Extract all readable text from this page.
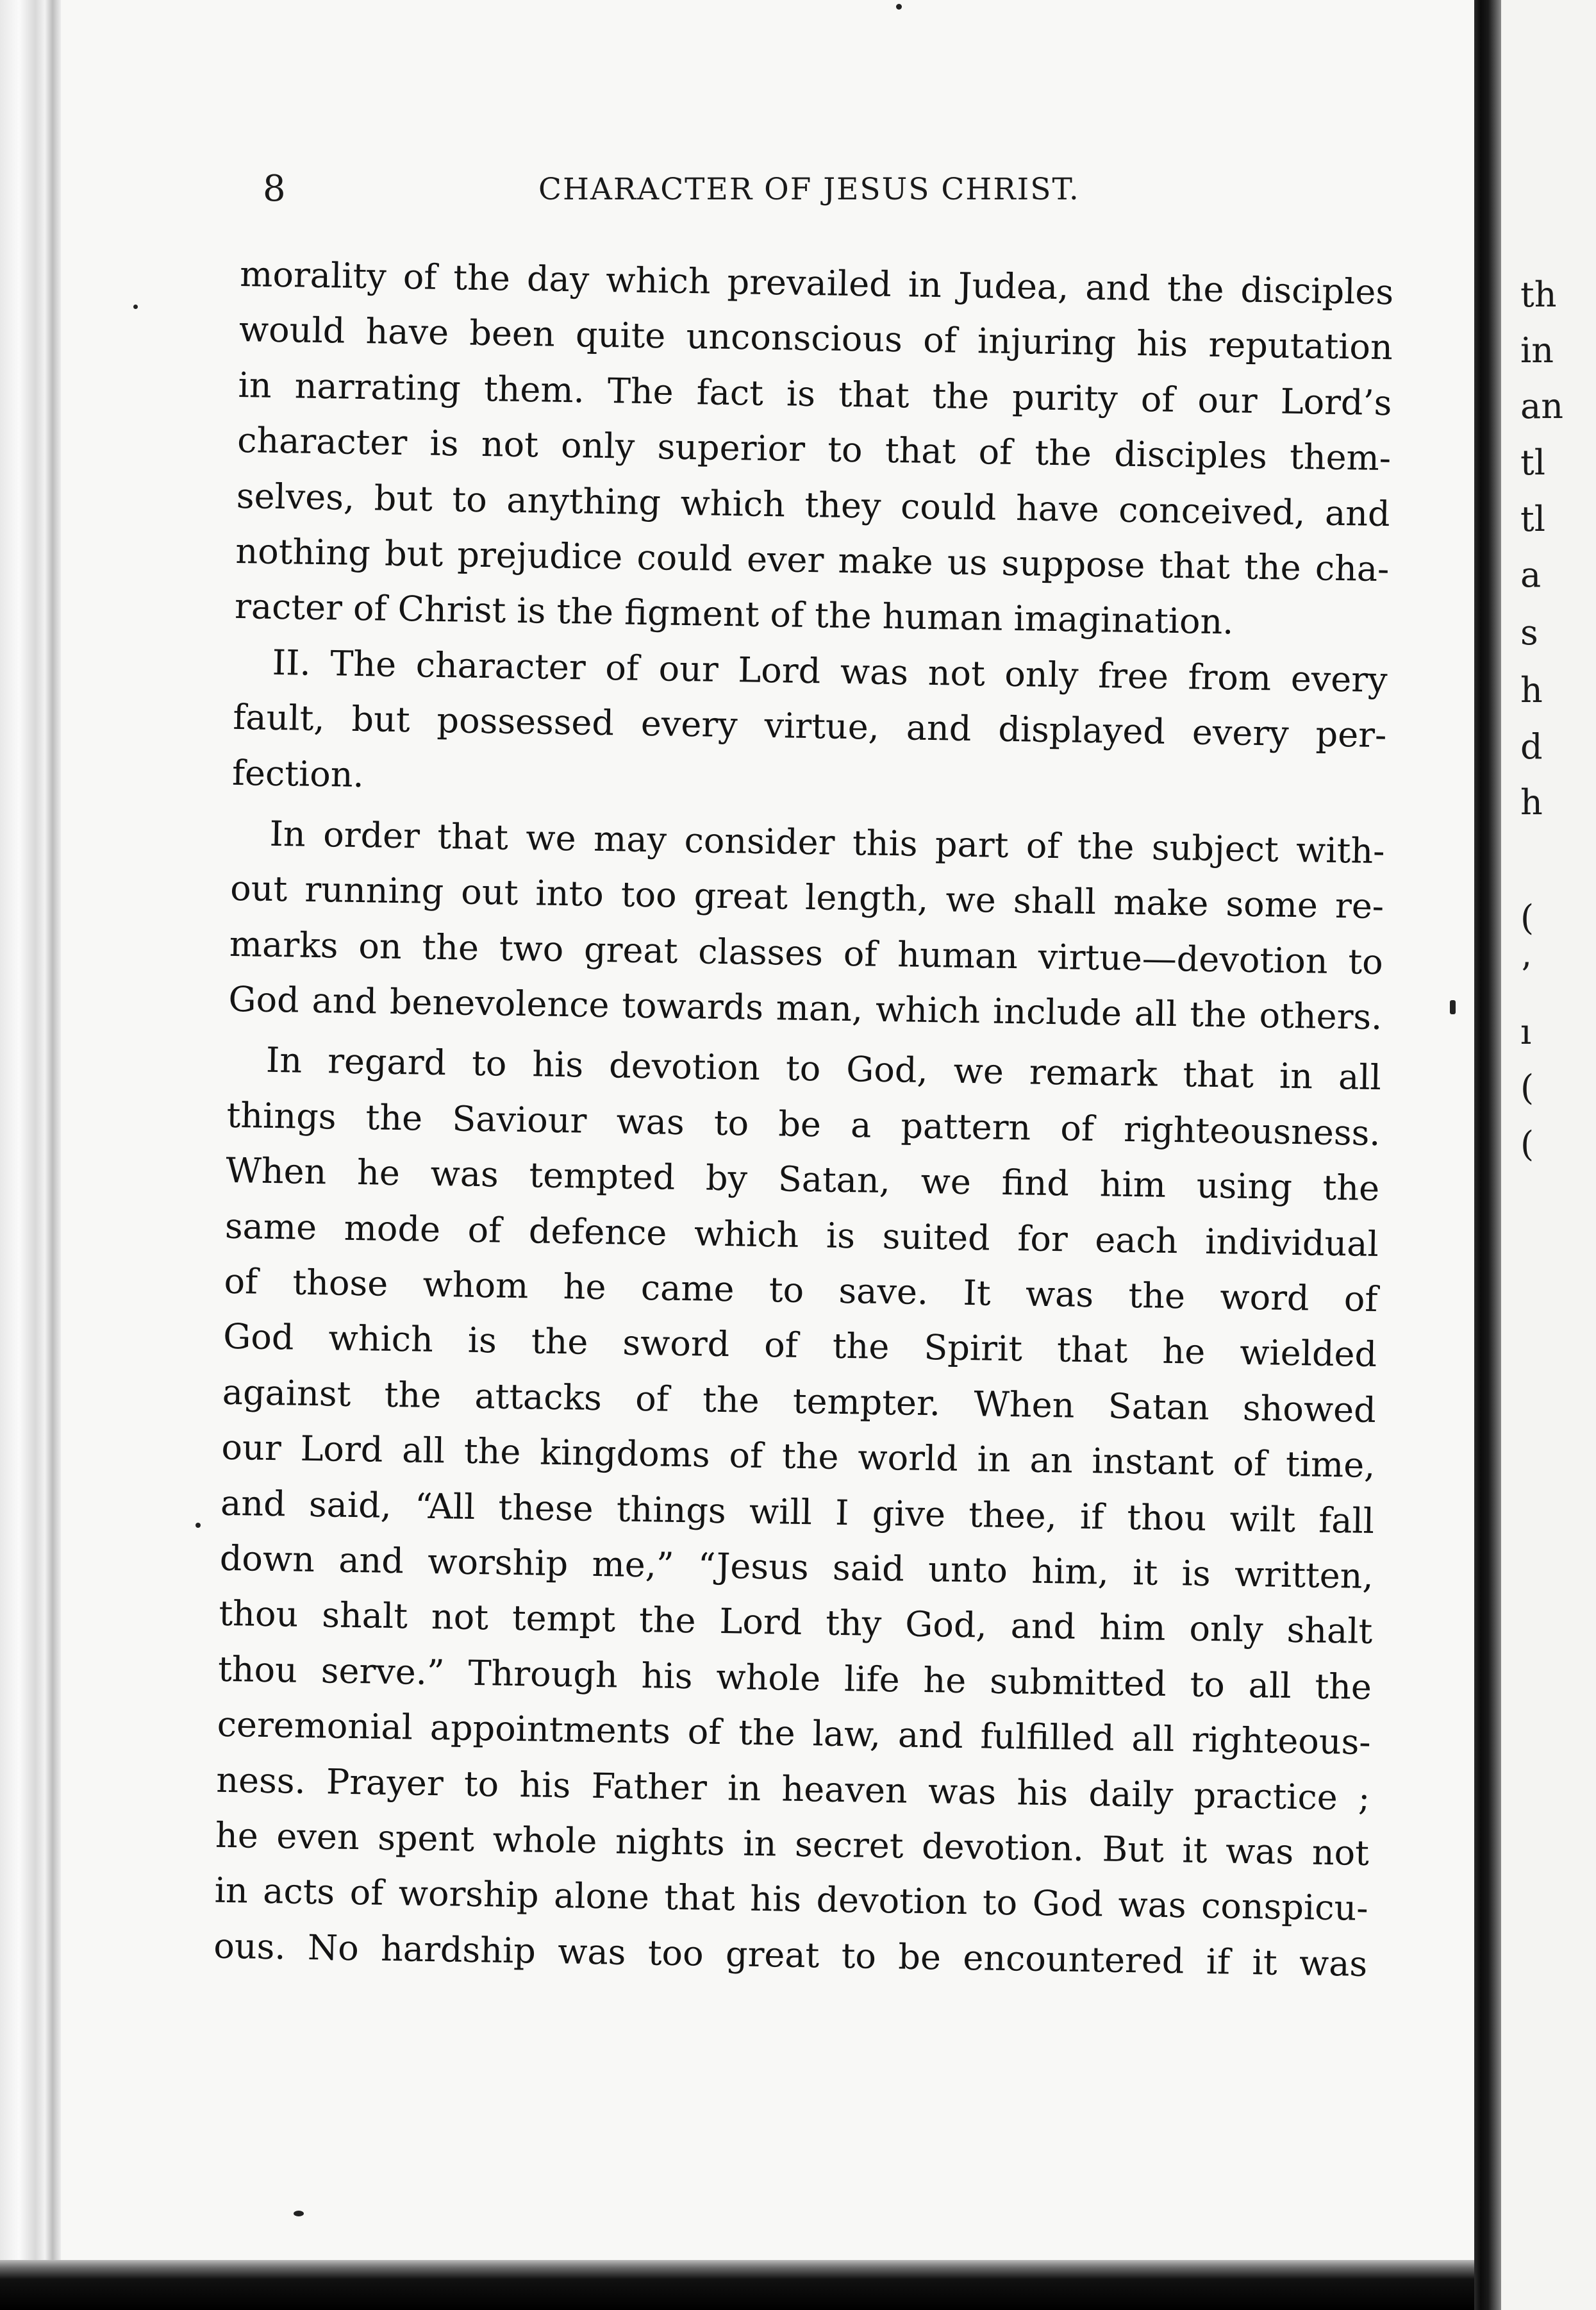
8	CHARACTER OF JESUS CHRIST.
morality of the day which prevailed in Judea, and the disciples
would have been quite unconscious of injuring his reputation
in narrating them. The fact is that the purity of our Lord’s
character is not only superior to that of the disciples them-
selves, but to anything which they could have conceived, and
nothing but prejudice could ever make us suppose that the cha-
racter of Christ is the figment of the human imagination.
II. The character of our Lord was not only free from every
fault, but possessed every virtue, and displayed every per-
fection.
In order that we may consider this part of the subject with-
out running out into too great length, we shall make some re-
marks on the two great classes of human virtue—devotion to
God and benevolence towards man, which include all the others.
In regard to his devotion to God, we remark that in all
things the Saviour was to be a pattern of righteousness.
When he was tempted by Satan, we find him using the
same mode of defence which is suited for each individual
of those whom he came to save. It was the word of
God which is the sword of the Spirit that he wielded
against the attacks of the tempter. When Satan showed
our Lord all the kingdoms of the world in an instant of time,
and said, “All these things will I give thee, if thou wilt fall
down and worship me,” “Jesus said unto him, it is written,
thou shalt not tempt the Lord thy God, and him only shalt
thou serve.” Through his whole life he submitted to all the
ceremonial appointments of the law, and fulfilled all righteous-
ness. Prayer to his Father in heaven was his daily practice ;
he even spent whole nights in secret devotion. But it was not
in acts of worship alone that his devotion to God was conspicu-
ous. No hardship was too great to be encountered if it was
th
in
an
tl
tl
a
s
h
d
h
(
’
ı
(
(
